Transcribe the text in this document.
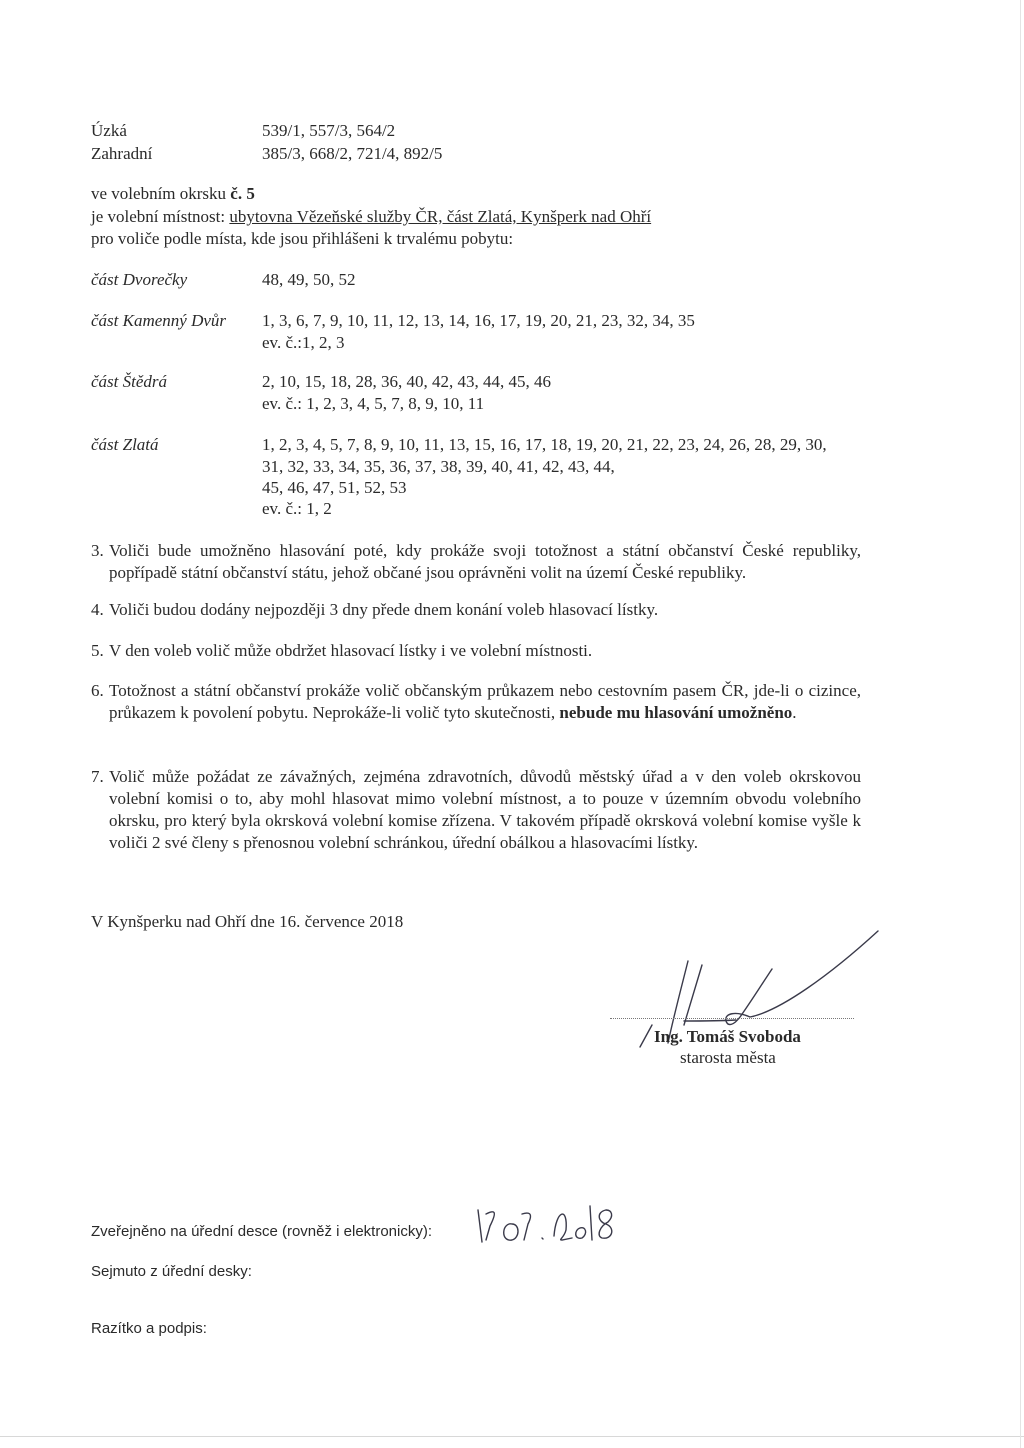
Úzká	539/1, 557/3, 564/2
Zahradní	385/3, 668/2, 721/4, 892/5
ve volebním okrsku č. 5
je volební místnost: ubytovna Vězeňské služby ČR, část Zlatá, Kynšperk nad Ohří
pro voliče podle místa, kde jsou přihlášeni k trvalému pobytu:
část Dvorečky	48, 49, 50, 52
část Kamenný Dvůr 1, 3, 6, 7, 9, 10, 11, 12, 13, 14, 16, 17, 19, 20, 21, 23, 32, 34, 35
ev. č.:1, 2, 3
část Štědrá	2, 10, 15, 18, 28, 36, 40, 42, 43, 44, 45, 46
ev. č.: 1, 2, 3, 4, 5, 7, 8, 9, 10, 11
část Zlatá	1, 2, 3, 4, 5, 7, 8, 9, 10, 11, 13, 15, 16, 17, 18, 19, 20, 21, 22, 23, 24, 26, 28, 29, 30,
31, 32, 33, 34, 35, 36, 37, 38, 39, 40, 41, 42, 43, 44,
45, 46, 47, 51, 52, 53
ev. č.: 1, 2
3. Voliči bude umožněno hlasování poté, kdy prokáže svoji totožnost a státní občanství České republiky, popřípadě státní občanství státu, jehož občané jsou oprávněni volit na území České republiky.
4. Voliči budou dodány nejpozději 3 dny přede dnem konání voleb hlasovací lístky.
5. V den voleb volič může obdržet hlasovací lístky i ve volební místnosti.
6. Totožnost a státní občanství prokáže volič občanským průkazem nebo cestovním pasem ČR, jde-li o cizince, průkazem k povolení pobytu. Neprokáže-li volič tyto skutečnosti, nebude mu hlasování umožněno.
7. Volič může požádat ze závažných, zejména zdravotních, důvodů městský úřad a v den voleb okrskovou volební komisi o to, aby mohl hlasovat mimo volební místnost, a to pouze v územním obvodu volebního okrsku, pro který byla okrsková volební komise zřízena. V takovém případě okrsková volební komise vyšle k voliči 2 své členy s přenosnou volební schránkou, úřední obálkou a hlasovacími lístky.
V Kynšperku nad Ohří dne 16. července 2018
Ing. Tomáš Svoboda
starosta města
Zveřejněno na úřední desce (rovněž i elektronicky):
Sejmuto z úřední desky:
Razítko a podpis:
